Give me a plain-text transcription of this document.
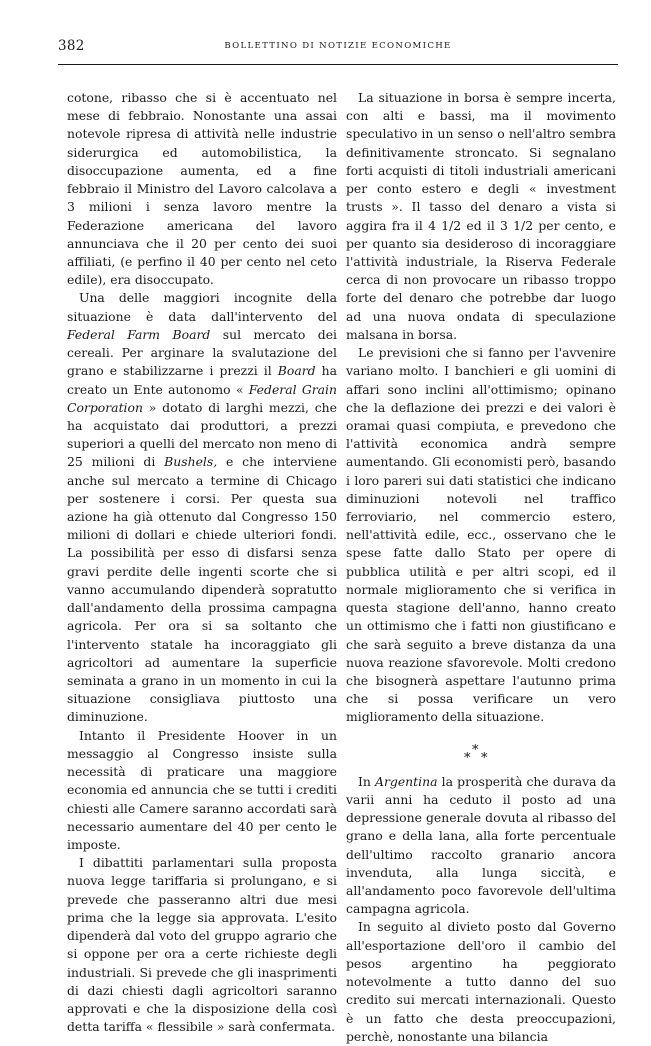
382	BOLLETTINO DI NOTIZIE ECONOMICHE

cotone, ribasso che si è accentuato nel mese di febbraio. Nonostante una assai notevole ripresa di attività nelle industrie siderurgica ed automobilistica, la disoccupazione aumenta, ed a fine febbraio il Ministro del Lavoro calcolava a 3 milioni i senza lavoro mentre la Federazione americana del lavoro annunciava che il 20 per cento dei suoi affiliati, (e perfino il 40 per cento nel ceto edile), era disoccupato.

Una delle maggiori incognite della situazione è data dall'intervento del Federal Farm Board sul mercato dei cereali. Per arginare la svalutazione del grano e stabilizzarne i prezzi il Board ha creato un Ente autonomo « Federal Grain Corporation » dotato di larghi mezzi, che ha acquistato dai produttori, a prezzi superiori a quelli del mercato non meno di 25 milioni di Bushels, e che interviene anche sul mercato a termine di Chicago per sostenere i corsi. Per questa sua azione ha già ottenuto dal Congresso 150 milioni di dollari e chiede ulteriori fondi. La possibilità per esso di disfarsi senza gravi perdite delle ingenti scorte che si vanno accumulando dipenderà sopratutto dall'andamento della prossima campagna agricola. Per ora si sa soltanto che l'intervento statale ha incoraggiato gli agricoltori ad aumentare la superficie seminata a grano in un momento in cui la situazione consigliava piuttosto una diminuzione.

Intanto il Presidente Hoover in un messaggio al Congresso insiste sulla necessità di praticare una maggiore economia ed annuncia che se tutti i crediti chiesti alle Camere saranno accordati sarà necessario aumentare del 40 per cento le imposte.

I dibattiti parlamentari sulla proposta nuova legge tariffaria si prolungano, e si prevede che passeranno altri due mesi prima che la legge sia approvata. L'esito dipenderà dal voto del gruppo agrario che si oppone per ora a certe richieste degli industriali. Si prevede che gli inasprimenti di dazi chiesti dagli agricoltori saranno approvati e che la disposizione della così detta tariffa « flessibile » sarà confermata.

La situazione in borsa è sempre incerta, con alti e bassi, ma il movimento speculativo in un senso o nell'altro sembra definitivamente stroncato. Si segnalano forti acquisti di titoli industriali americani per conto estero e degli « investment trusts ». Il tasso del denaro a vista si aggira fra il 4 1/2 ed il 3 1/2 per cento, e per quanto sia desideroso di incoraggiare l'attività industriale, la Riserva Federale cerca di non provocare un ribasso troppo forte del denaro che potrebbe dar luogo ad una nuova ondata di speculazione malsana in borsa.

Le previsioni che si fanno per l'avvenire variano molto. I banchieri e gli uomini di affari sono inclini all'ottimismo; opinano che la deflazione dei prezzi e dei valori è oramai quasi compiuta, e prevedono che l'attività economica andrà sempre aumentando. Gli economisti però, basando i loro pareri sui dati statistici che indicano diminuzioni notevoli nel traffico ferroviario, nel commercio estero, nell'attività edile, ecc., osservano che le spese fatte dallo Stato per opere di pubblica utilità e per altri scopi, ed il normale miglioramento che si verifica in questa stagione dell'anno, hanno creato un ottimismo che i fatti non giustificano e che sarà seguito a breve distanza da una nuova reazione sfavorevole. Molti credono che bisognerà aspettare l'autunno prima che si possa verificare un vero miglioramento della situazione.

*
* *

In Argentina la prosperità che durava da varii anni ha ceduto il posto ad una depressione generale dovuta al ribasso del grano e della lana, alla forte percentuale dell'ultimo raccolto granario ancora invenduta, alla lunga siccità, e all'andamento poco favorevole dell'ultima campagna agricola.

In seguito al divieto posto dal Governo all'esportazione dell'oro il cambio del pesos argentino ha peggiorato notevolmente a tutto danno del suo credito sui mercati internazionali. Questo è un fatto che desta preoccupazioni, perchè, nonostante una bilancia
